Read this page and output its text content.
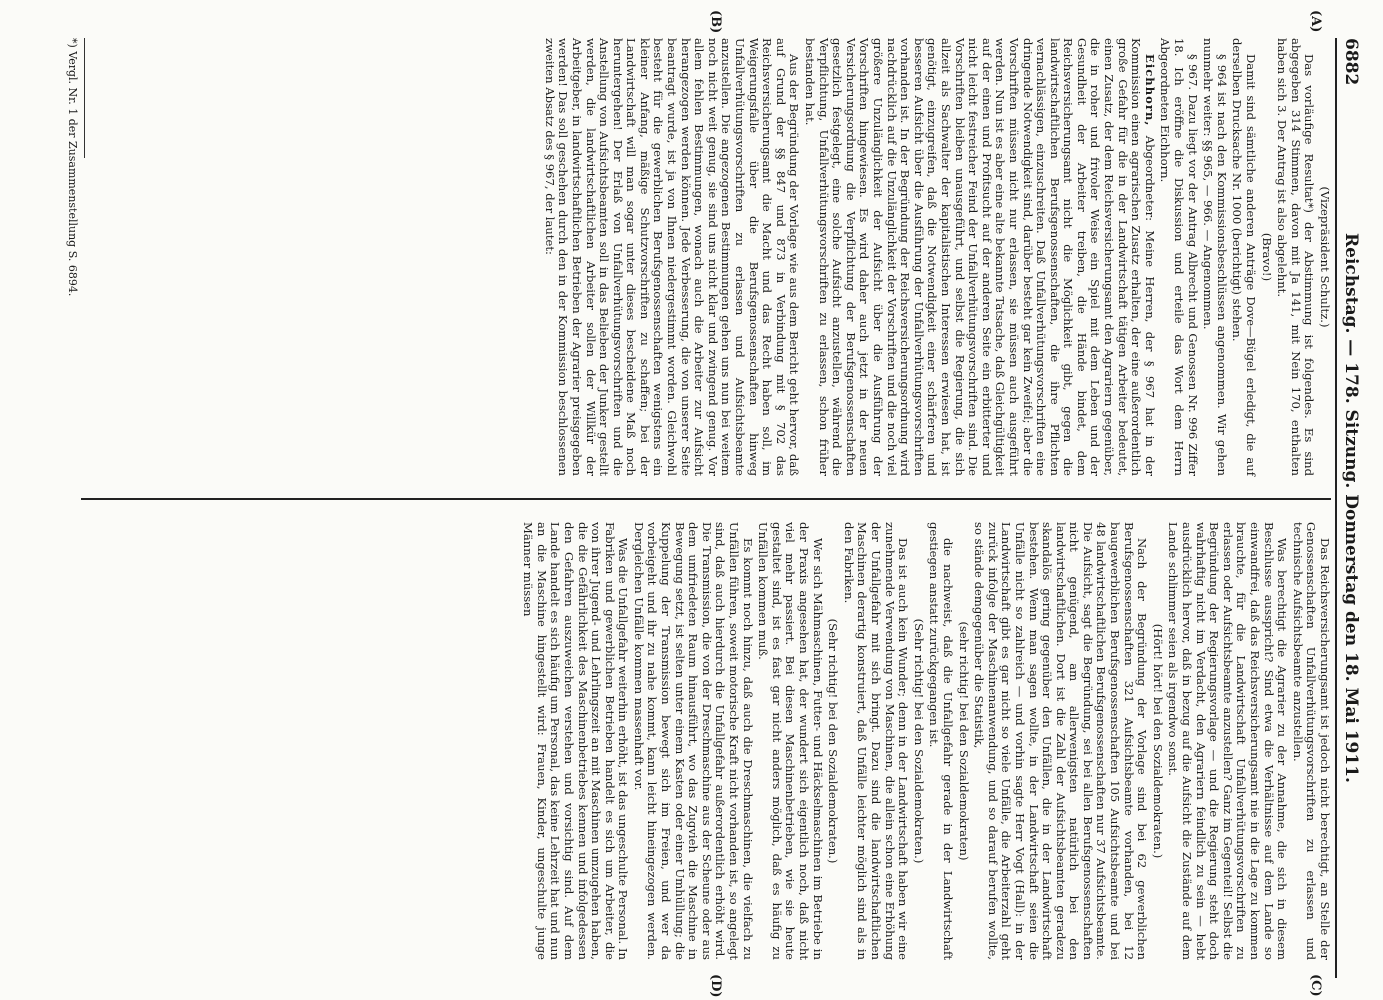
6882
Reichstag. — 178. Sitzung. Donnerstag den 18. Mai 1911.
(A)
(B)
(C)
(D)

(Vizepräsident Schultz.)

Das vorläufige Resultat*) der Abstimmung ist folgendes. Es sind abgegeben 314 Stimmen, davon mit Ja 141, mit Nein 170, enthalten haben sich 3. Der Antrag ist also abgelehnt.

(Bravo!)

Damit sind sämtliche anderen Anträge Dove—Bügel erledigt, die auf derselben Drucksache Nr. 1000 (berichtigt) stehen.

§ 964 ist nach den Kommissionsbeschlüssen angenommen. Wir gehen nunmehr weiter: §§ 965, — 966. — Angenommen.

§ 967. Dazu liegt vor der Antrag Albrecht und Genossen Nr. 996 Ziffer 18. Ich eröffne die Diskussion und erteile das Wort dem Herrn Abgeordneten Eichhorn.

Eichhorn, Abgeordneter: Meine Herren, der § 967 hat in der Kommission einen agrarischen Zusatz erhalten, der eine außerordentlich große Gefahr für die in der Landwirtschaft tätigen Arbeiter bedeutet, einen Zusatz, der dem Reichsversicherungsamt den Agrariern gegenüber, die in roher und frivoler Weise ein Spiel mit dem Leben und der Gesundheit der Arbeiter treiben, die Hände bindet, dem Reichsversicherungsamt nicht die Möglichkeit gibt, gegen die landwirtschaftlichen Berufsgenossenschaften, die ihre Pflichten vernachlässigen, einzuschreiten. Daß Unfallverhütungsvorschriften eine dringende Notwendigkeit sind, darüber besteht gar kein Zweifel; aber die Vorschriften müssen nicht nur erlassen, sie müssen auch ausgeführt werden. Nun ist es aber eine alte bekannte Tatsache, daß Gleichgültigkeit auf der einen und Profitsucht auf der anderen Seite ein erbitterter und nicht leicht festreicher Feind der Unfallverhütungsvorschriften sind. Die Vorschriften bleiben unausgeführt, und selbst die Regierung, die sich allzeit als Sachwalter der kapitalistischen Interessen erwiesen hat, ist genötigt, einzugreifen, daß die Notwendigkeit einer schärferen und besseren Aufsicht über die Ausführung der Unfallverhütungsvorschriften vorhanden ist. In der Begründung der Reichsversicherungsordnung wird nachdrücklich auf die Unzulänglichkeit der Vorschriften und die noch viel größere Unzulänglichkeit der Aufsicht über die Ausführung der Vorschriften hingewiesen. Es wird daher auch jetzt in der neuen Versicherungsordnung die Verpflichtung der Berufsgenossenschaften gesetzlich festgelegt, eine solche Aufsicht anzustellen, während die Verpflichtung, Unfallverhütungsvorschriften zu erlassen, schon früher bestanden hat.

Aus der Begründung der Vorlage wie aus dem Bericht geht hervor, daß auf Grund der §§ 847 und 873 in Verbindung mit § 702 das Reichsversicherungsamt die Macht und das Recht haben soll, im Weigerungsfalle über die Berufsgenossenschaften hinweg Unfallverhütungsvorschriften zu erlassen und Aufsichtsbeamte anzustellen. Die angezogenen Bestimmungen gehen uns nun bei weitem noch nicht weit genug, sie sind uns nicht klar und zwingend genug. Vor allem fehlen Bestimmungen, wonach auch die Arbeiter zur Aufsicht herangezogen werden können. Jede Verbesserung, die von unserer Seite beantragt wurde, ist ja von Ihnen niedergestimmt worden. Gleichwohl besteht für die gewerblichen Berufsgenossenschaften wenigstens ein kleiner Anfang, mäßige Schutzvorschriften zu schaffen; bei der Landwirtschaft will man sogar unter dieses bescheidene Maß noch heruntergehen! Der Erlaß von Unfallverhütungsvorschriften und die Anstellung von Aufsichtsbeamten soll in das Belieben der Junker gestellt werden, die landwirtschaftlichen Arbeiter sollen der Willkür der Arbeitgeber, in landwirtschaftlichen Betrieben der Agrarier preisgegeben werden! Das soll geschehen durch den in der Kommission beschlossenen zweiten Absatz des § 967, der lautet:

Das Reichsversicherungsamt ist jedoch nicht berechtigt, an Stelle der Genossenschaften Unfallverhütungsvorschriften zu erlassen und technische Aufsichtsbeamte anzustellen.

Was berechtigt die Agrarier zu der Annahme, die sich in diesem Beschlusse ausspricht? Sind etwa die Verhältnisse auf dem Lande so einwandfrei, daß das Reichsversicherungsamt nie in die Lage zu kommen brauchte, für die Landwirtschaft Unfallverhütungsvorschriften zu erlassen oder Aufsichtsbeamte anzustellen? Ganz im Gegenteil! Selbst die Begründung der Regierungsvorlage — und die Regierung steht doch wahrhaftig nicht im Verdacht, den Agrariern feindlich zu sein — hebt ausdrücklich hervor, daß in bezug auf die Aufsicht die Zustände auf dem Lande schlimmer seien als irgendwo sonst.

(Hört! hört! bei den Sozialdemokraten.)

Nach der Begründung der Vorlage sind bei 62 gewerblichen Berufsgenossenschaften 321 Aufsichtsbeamte vorhanden, bei 12 baugewerblichen Berufsgenossenschaften 105 Aufsichtsbeamte und bei 48 landwirtschaftlichen Berufsgenossenschaften nur 37 Aufsichtsbeamte. Die Aufsicht, sagt die Begründung, sei bei allen Berufsgenossenschaften nicht genügend, am allerwenigsten natürlich bei den landwirtschaftlichen. Dort ist die Zahl der Aufsichtsbeamten geradezu skandalös gering gegenüber den Unfällen, die in der Landwirtschaft bestehen. Wenn man sagen wollte, in der Landwirtschaft seien die Unfälle nicht so zahlreich — und vorhin sagte Herr Vogt (Hall): in der Landwirtschaft gibt es gar nicht so viele Unfälle, die Arbeiterzahl geht zurück infolge der Maschinenanwendung, und so darauf berufen wollte, so stände demgegenüber die Statistik,

(sehr richtig! bei den Sozialdemokraten)

die nachweist, daß die Unfallgefahr gerade in der Landwirtschaft gestiegen anstatt zurückgegangen ist.

(Sehr richtig! bei den Sozialdemokraten.)

Das ist auch kein Wunder; denn in der Landwirtschaft haben wir eine zunehmende Verwendung von Maschinen, die allein schon eine Erhöhung der Unfallgefahr mit sich bringt. Dazu sind die landwirtschaftlichen Maschinen derartig konstruiert, daß Unfälle leichter möglich sind als in den Fabriken.

(Sehr richtig! bei den Sozialdemokraten.)

Wer sich Mähmaschinen, Futter- und Häckselmaschinen im Betriebe in der Praxis angesehen hat, der wundert sich eigentlich noch, daß nicht viel mehr passiert. Bei diesen Maschinenbetrieben, wie sie heute gestaltet sind, ist es fast gar nicht anders möglich, daß es häufig zu Unfällen kommen muß.

Es kommt noch hinzu, daß auch die Dreschmaschinen, die vielfach zu Unfällen führen, soweit motorische Kraft nicht vorhanden ist, so angelegt sind, daß auch hierdurch die Unfallgefahr außerordentlich erhöht wird. Die Transmission, die von der Dreschmaschine aus der Scheune oder aus dem umfriedeten Raum hinausführt, wo das Zugvieh die Maschine in Bewegung setzt, ist selten unter einem Kasten oder einer Umhüllung; die Kuppelung der Transmission bewegt sich im Freien, und wer da vorbeigeht und ihr zu nahe kommt, kann leicht hineingezogen werden. Dergleichen Unfälle kommen massenhaft vor.

Was die Unfallgefahr weiterhin erhöht, ist das ungeschulte Personal. In Fabriken und gewerblichen Betrieben handelt es sich um Arbeiter, die von ihrer Jugend- und Lehrlingszeit an mit Maschinen umzugehen haben, die die Gefährlichkeit des Maschinenbetriebes kennen und infolgedessen den Gefahren auszuweichen verstehen und vorsichtig sind. Auf dem Lande handelt es sich häufig um Personal, das keine Lehrzeit hat und nun an die Maschine hingestellt wird: Frauen, Kinder, ungeschulte junge Männer müssen

*) Vergl. Nr. 1 der Zusammenstellung S. 6894.
